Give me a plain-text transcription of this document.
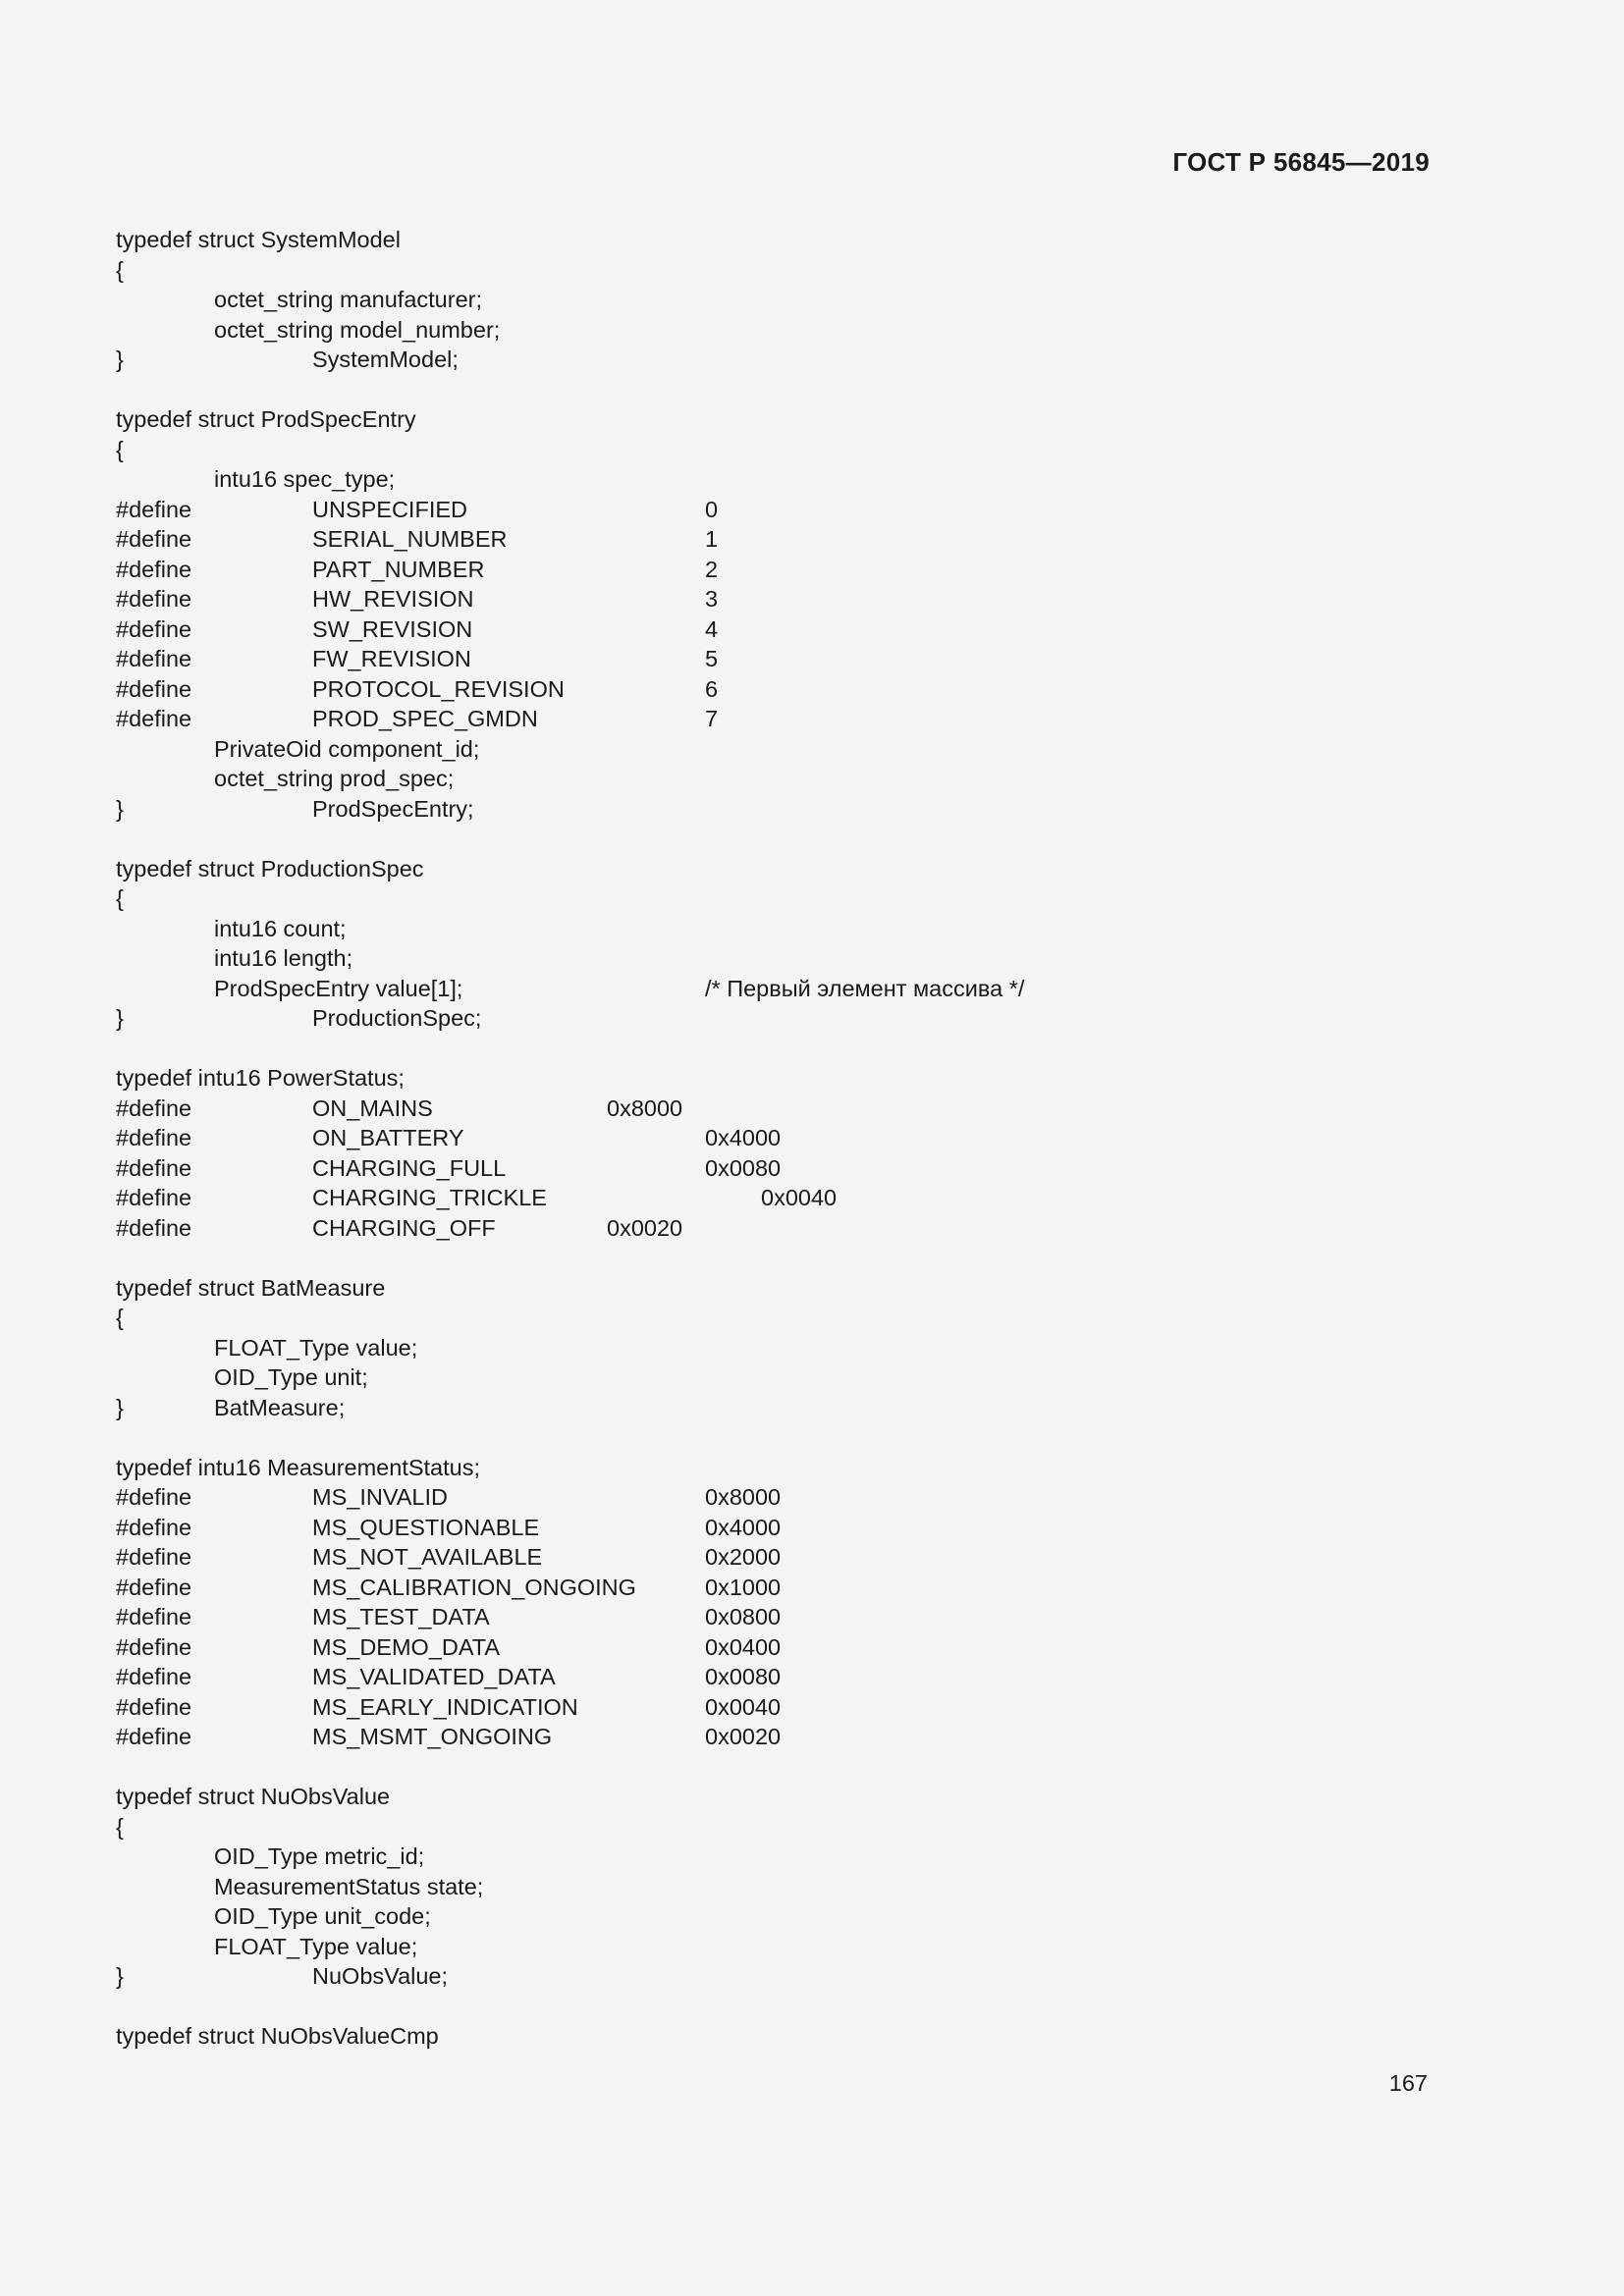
ГОСТ Р 56845—2019
typedef struct SystemModel
{
octet_string manufacturer;
octet_string model_number;
}	SystemModel;
typedef struct ProdSpecEntry
{
intu16 spec_type;
#define	UNSPECIFIED	0
#define	SERIAL_NUMBER	1
#define	PART_NUMBER	2
#define	HW_REVISION	3
#define	SW_REVISION	4
#define	FW_REVISION	5
#define	PROTOCOL_REVISION	6
#define	PROD_SPEC_GMDN	7
PrivateOid component_id;
octet_string prod_spec;
}	ProdSpecEntry;
typedef struct ProductionSpec
{
intu16 count;
intu16 length;
ProdSpecEntry value[1];	/* Первый элемент массива */
}	ProductionSpec;
typedef intu16 PowerStatus;
#define	ON_MAINS	0x8000
#define	ON_BATTERY	0x4000
#define	CHARGING_FULL	0x0080
#define	CHARGING_TRICKLE	0x0040
#define	CHARGING_OFF	0x0020
typedef struct BatMeasure
{
FLOAT_Type value;
OID_Type unit;
}	BatMeasure;
typedef intu16 MeasurementStatus;
#define	MS_INVALID	0x8000
#define	MS_QUESTIONABLE	0x4000
#define	MS_NOT_AVAILABLE	0x2000
#define	MS_CALIBRATION_ONGOING	0x1000
#define	MS_TEST_DATA	0x0800
#define	MS_DEMO_DATA	0x0400
#define	MS_VALIDATED_DATA	0x0080
#define	MS_EARLY_INDICATION	0x0040
#define	MS_MSMT_ONGOING	0x0020
typedef struct NuObsValue
{
OID_Type metric_id;
MeasurementStatus state;
OID_Type unit_code;
FLOAT_Type value;
}	NuObsValue;
typedef struct NuObsValueCmp
167
